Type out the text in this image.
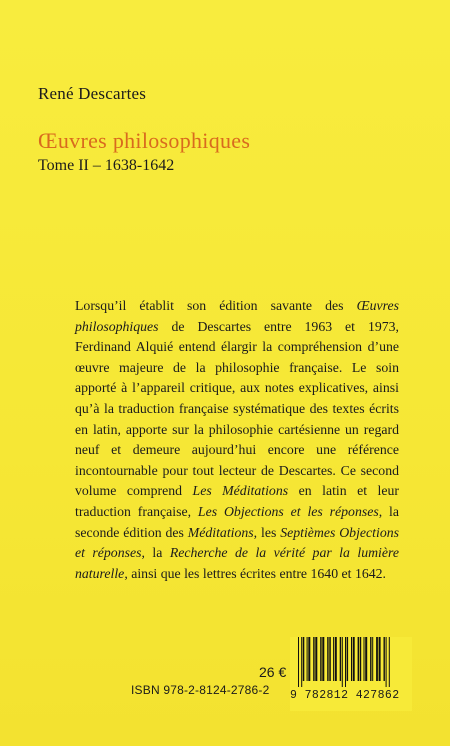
René Descartes
Œuvres philosophiques
Tome II – 1638-1642
Lorsqu’il établit son édition savante des Œuvres philosophiques de Descartes entre 1963 et 1973, Ferdinand Alquié entend élargir la compréhension d’une œuvre majeure de la philosophie française. Le soin apporté à l’appareil critique, aux notes explicatives, ainsi qu’à la traduction française systématique des textes écrits en latin, apporte sur la philosophie cartésienne un regard neuf et demeure aujourd’hui encore une référence incontournable pour tout lecteur de Descartes. Ce second volume comprend Les Méditations en latin et leur traduction française, Les Objections et les réponses, la seconde édition des Méditations, les Septièmes Objections et réponses, la Recherche de la vérité par la lumière naturelle, ainsi que les lettres écrites entre 1640 et 1642.
26 €
ISBN 978-2-8124-2786-2 9 782812 427862
